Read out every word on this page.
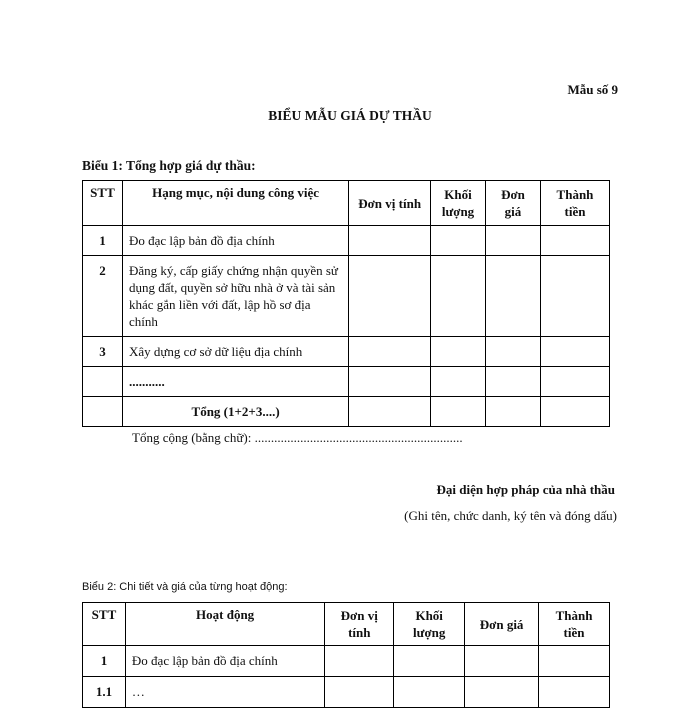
Mẫu số 9
BIỂU MẪU GIÁ DỰ THẦU
Biểu 1: Tổng hợp giá dự thầu:
STT	Hạng mục, nội dung công việc	Đơn vị tính	Khối lượng	Đơn giá	Thành tiền
1	Đo đạc lập bản đồ địa chính				
2	Đăng ký, cấp giấy chứng nhận quyền sử dụng đất, quyền sở hữu nhà ở và tài sản khác gắn liền với đất, lập hồ sơ địa chính				
3	Xây dựng cơ sở dữ liệu địa chính				
	...........				
	Tổng (1+2+3....)				
Tổng cộng (bằng chữ): ................................................................
Đại diện hợp pháp của nhà thầu
(Ghi tên, chức danh, ký tên và đóng dấu)
Biểu 2: Chi tiết và giá của từng hoạt động:
STT	Hoạt động	Đơn vị tính	Khối lượng	Đơn giá	Thành tiền
1	Đo đạc lập bản đồ địa chính				
1.1	…				
